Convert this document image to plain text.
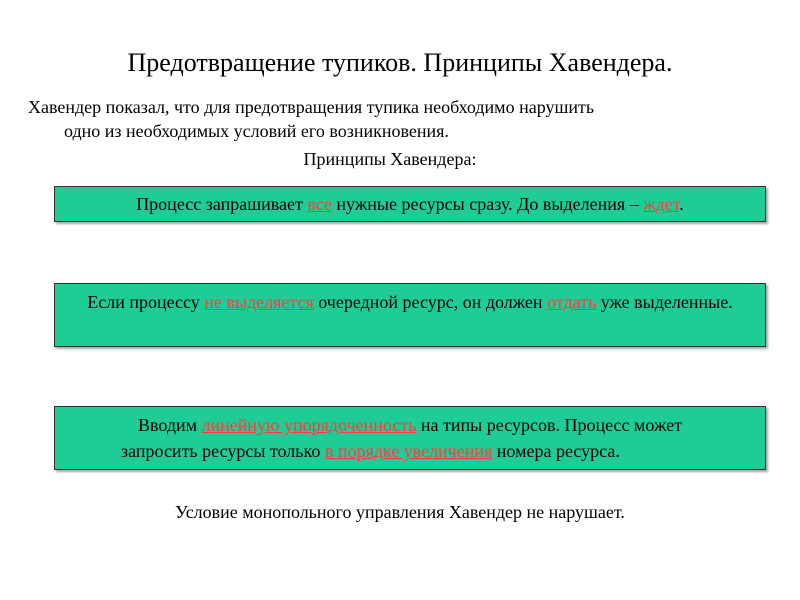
Предотвращение тупиков. Принципы Хавендера.
Хавендер показал, что для предотвращения тупика необходимо нарушить
одно из необходимых условий его возникновения.
Принципы Хавендера:
Процесс запрашивает все нужные ресурсы сразу. До выделения – ждет.
Если процессу не выделяется очередной ресурс, он должен отдать уже выделенные.
Вводим линейную упорядоченность на типы ресурсов. Процесс может
запросить ресурсы только в порядке увеличения номера ресурса.
Условие монопольного управления Хавендер не нарушает.
